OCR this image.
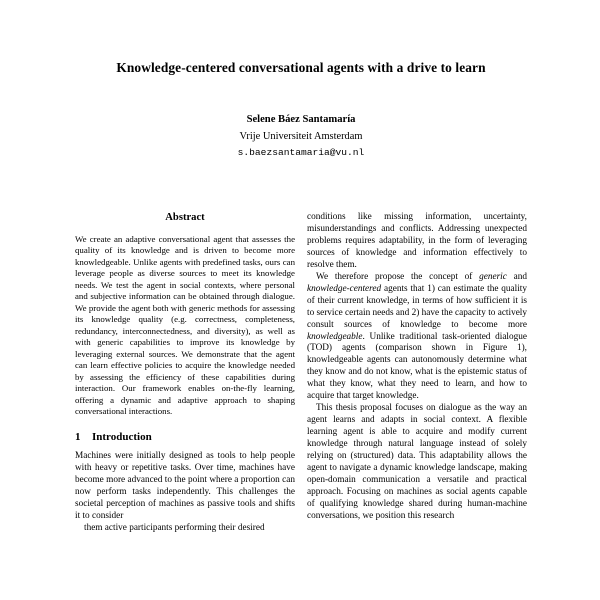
Knowledge-centered conversational agents with a drive to learn
Selene Báez Santamaría
Vrije Universiteit Amsterdam
s.baezsantamaria@vu.nl
Abstract

We create an adaptive conversational agent that assesses the quality of its knowledge and is driven to become more knowledgeable. Unlike agents with predefined tasks, ours can leverage people as diverse sources to meet its knowledge needs. We test the agent in social contexts, where personal and subjective information can be obtained through dialogue. We provide the agent both with generic methods for assessing its knowledge quality (e.g. correctness, completeness, redundancy, interconnectedness, and diversity), as well as with generic capabilities to improve its knowledge by leveraging external sources. We demonstrate that the agent can learn effective policies to acquire the knowledge needed by assessing the efficiency of these capabilities during interaction. Our framework enables on-the-fly learning, offering a dynamic and adaptive approach to shaping conversational interactions.

1 Introduction

Machines were initially designed as tools to help people with heavy or repetitive tasks. Over time, machines have become more advanced to the point where a proportion can now perform tasks independently. This challenges the societal perception of machines as passive tools and shifts it to consider

them active participants performing their desired

conditions like missing information, uncertainty, misunderstandings and conflicts. Addressing unexpected problems requires adaptability, in the form of leveraging sources of knowledge and information effectively to resolve them.

We therefore propose the concept of generic and knowledge-centered agents that 1) can estimate the quality of their current knowledge, in terms of how sufficient it is to service certain needs and 2) have the capacity to actively consult sources of knowledge to become more knowledgeable. Unlike traditional task-oriented dialogue (TOD) agents (comparison shown in Figure 1), knowledgeable agents can autonomously determine what they know and do not know, what is the epistemic status of what they know, what they need to learn, and how to acquire that target knowledge.

This thesis proposal focuses on dialogue as the way an agent learns and adapts in social context. A flexible learning agent is able to acquire and modify current knowledge through natural language instead of solely relying on (structured) data. This adaptability allows the agent to navigate a dynamic knowledge landscape, making open-domain communication a versatile and practical approach. Focusing on machines as social agents capable of qualifying knowledge shared during human-machine conversations, we position this research
